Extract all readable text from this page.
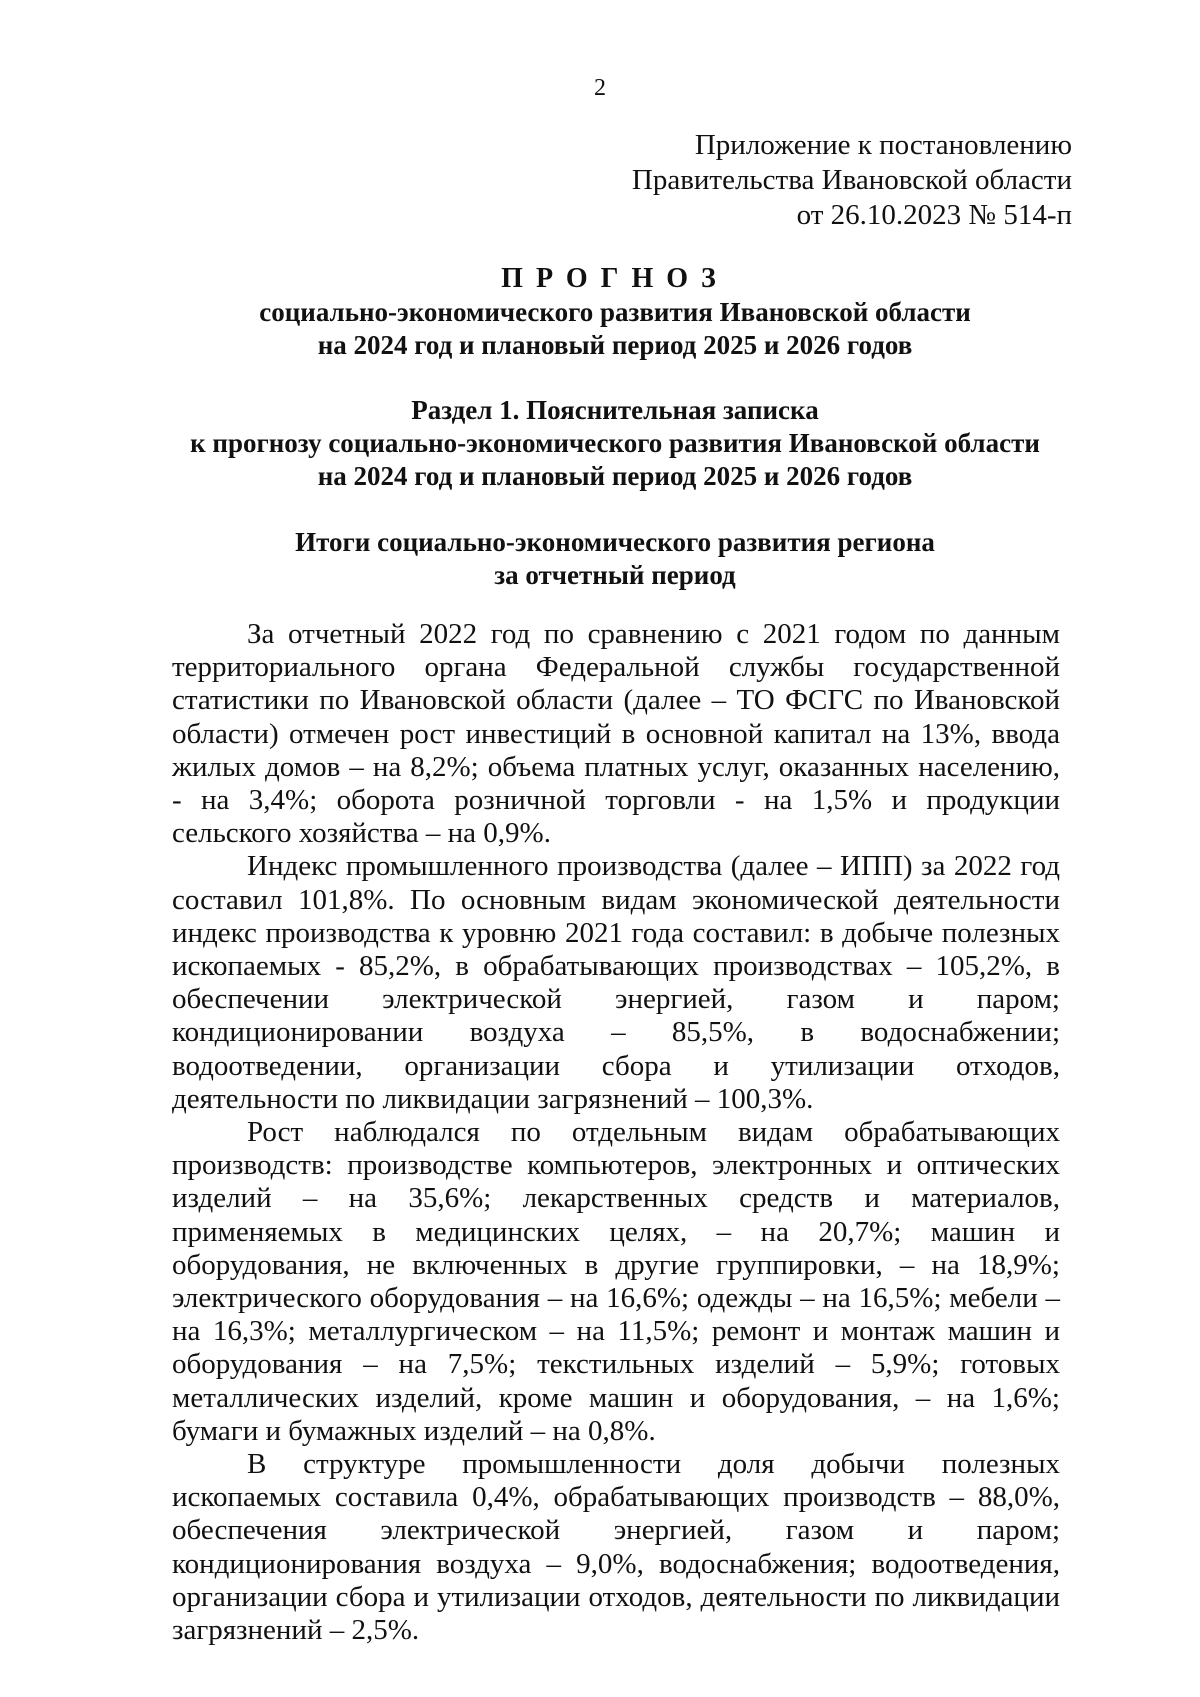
2
Приложение к постановлению
Правительства Ивановской области
от 26.10.2023 № 514-п
ПРОГНОЗ
социально-экономического развития Ивановской области
на 2024 год и плановый период 2025 и 2026 годов
Раздел 1. Пояснительная записка
к прогнозу социально-экономического развития Ивановской области
на 2024 год и плановый период 2025 и 2026 годов
Итоги социально-экономического развития региона
за отчетный период

За отчетный 2022 год по сравнению с 2021 годом по данным территориального органа Федеральной службы государственной статистики по Ивановской области (далее – ТО ФСГС по Ивановской области) отмечен рост инвестиций в основной капитал на 13%, ввода жилых домов – на 8,2%; объема платных услуг, оказанных населению, - на 3,4%; оборота розничной торговли - на 1,5% и продукции сельского хозяйства – на 0,9%.

Индекс промышленного производства (далее – ИПП) за 2022 год составил 101,8%. По основным видам экономической деятельности индекс производства к уровню 2021 года составил: в добыче полезных ископаемых - 85,2%, в обрабатывающих производствах – 105,2%, в обеспечении электрической энергией, газом и паром; кондиционировании воздуха – 85,5%, в водоснабжении; водоотведении, организации сбора и утилизации отходов, деятельности по ликвидации загрязнений – 100,3%.

Рост наблюдался по отдельным видам обрабатывающих производств: производстве компьютеров, электронных и оптических изделий – на 35,6%; лекарственных средств и материалов, применяемых в медицинских целях, – на 20,7%; машин и оборудования, не включенных в другие группировки, – на 18,9%; электрического оборудования – на 16,6%; одежды – на 16,5%; мебели – на 16,3%; металлургическом – на 11,5%; ремонт и монтаж машин и оборудования – на 7,5%; текстильных изделий – 5,9%; готовых металлических изделий, кроме машин и оборудования, – на 1,6%; бумаги и бумажных изделий – на 0,8%.

В структуре промышленности доля добычи полезных ископаемых составила 0,4%, обрабатывающих производств – 88,0%, обеспечения электрической энергией, газом и паром; кондиционирования воздуха – 9,0%, водоснабжения; водоотведения, организации сбора и утилизации отходов, деятельности по ликвидации загрязнений – 2,5%.
